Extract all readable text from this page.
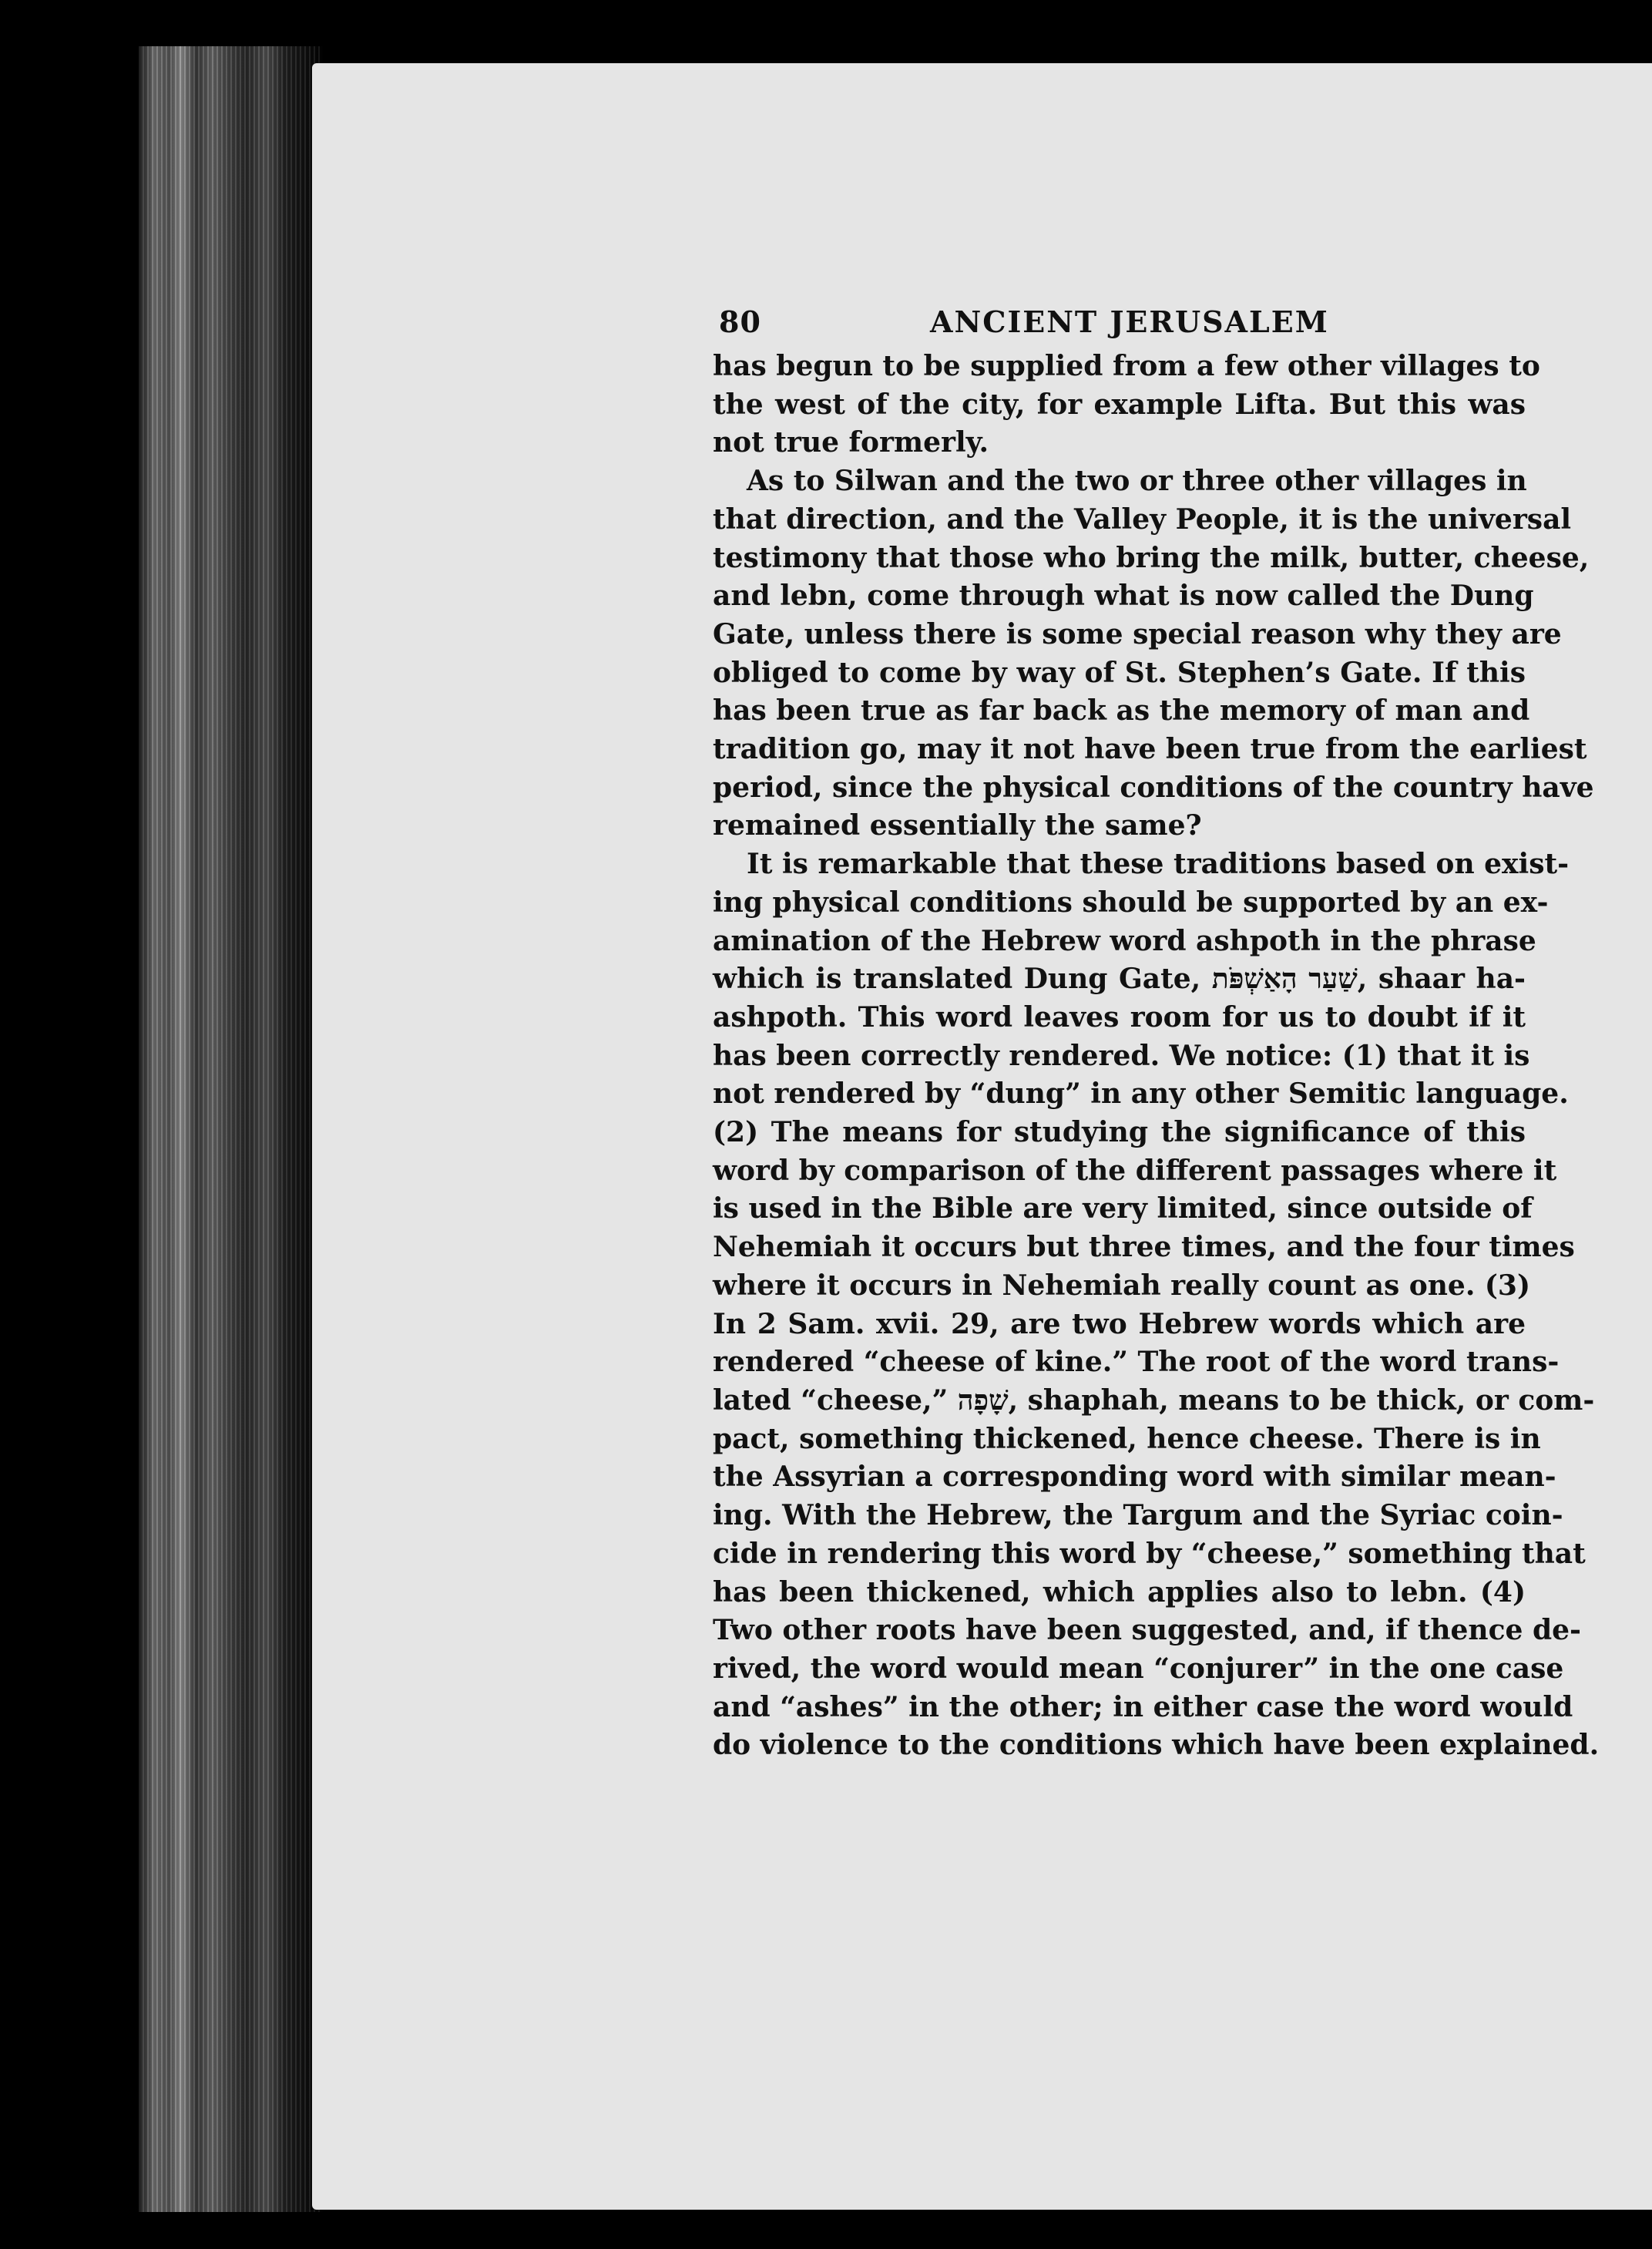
80	ANCIENT JERUSALEM
has begun to be supplied from a few other villages to
the west of the city, for example Lifta. But this was
not true formerly.
As to Silwan and the two or three other villages in
that direction, and the Valley People, it is the universal
testimony that those who bring the milk, butter, cheese,
and lebn, come through what is now called the Dung
Gate, unless there is some special reason why they are
obliged to come by way of St. Stephen’s Gate. If this
has been true as far back as the memory of man and
tradition go, may it not have been true from the earliest
period, since the physical conditions of the country have
remained essentially the same?
It is remarkable that these traditions based on exist-
ing physical conditions should be supported by an ex-
amination of the Hebrew word ashpoth in the phrase
which is translated Dung Gate, שַׁעַר הָאַשְׁפֹּת, shaar ha-
ashpoth. This word leaves room for us to doubt if it
has been correctly rendered. We notice: (1) that it is
not rendered by “dung” in any other Semitic language.
(2) The means for studying the significance of this
word by comparison of the different passages where it
is used in the Bible are very limited, since outside of
Nehemiah it occurs but three times, and the four times
where it occurs in Nehemiah really count as one. (3)
In 2 Sam. xvii. 29, are two Hebrew words which are
rendered “cheese of kine.” The root of the word trans-
lated “cheese,” שָׁפָה, shaphah, means to be thick, or com-
pact, something thickened, hence cheese. There is in
the Assyrian a corresponding word with similar mean-
ing. With the Hebrew, the Targum and the Syriac coin-
cide in rendering this word by “cheese,” something that
has been thickened, which applies also to lebn. (4)
Two other roots have been suggested, and, if thence de-
rived, the word would mean “conjurer” in the one case
and “ashes” in the other; in either case the word would
do violence to the conditions which have been explained.
